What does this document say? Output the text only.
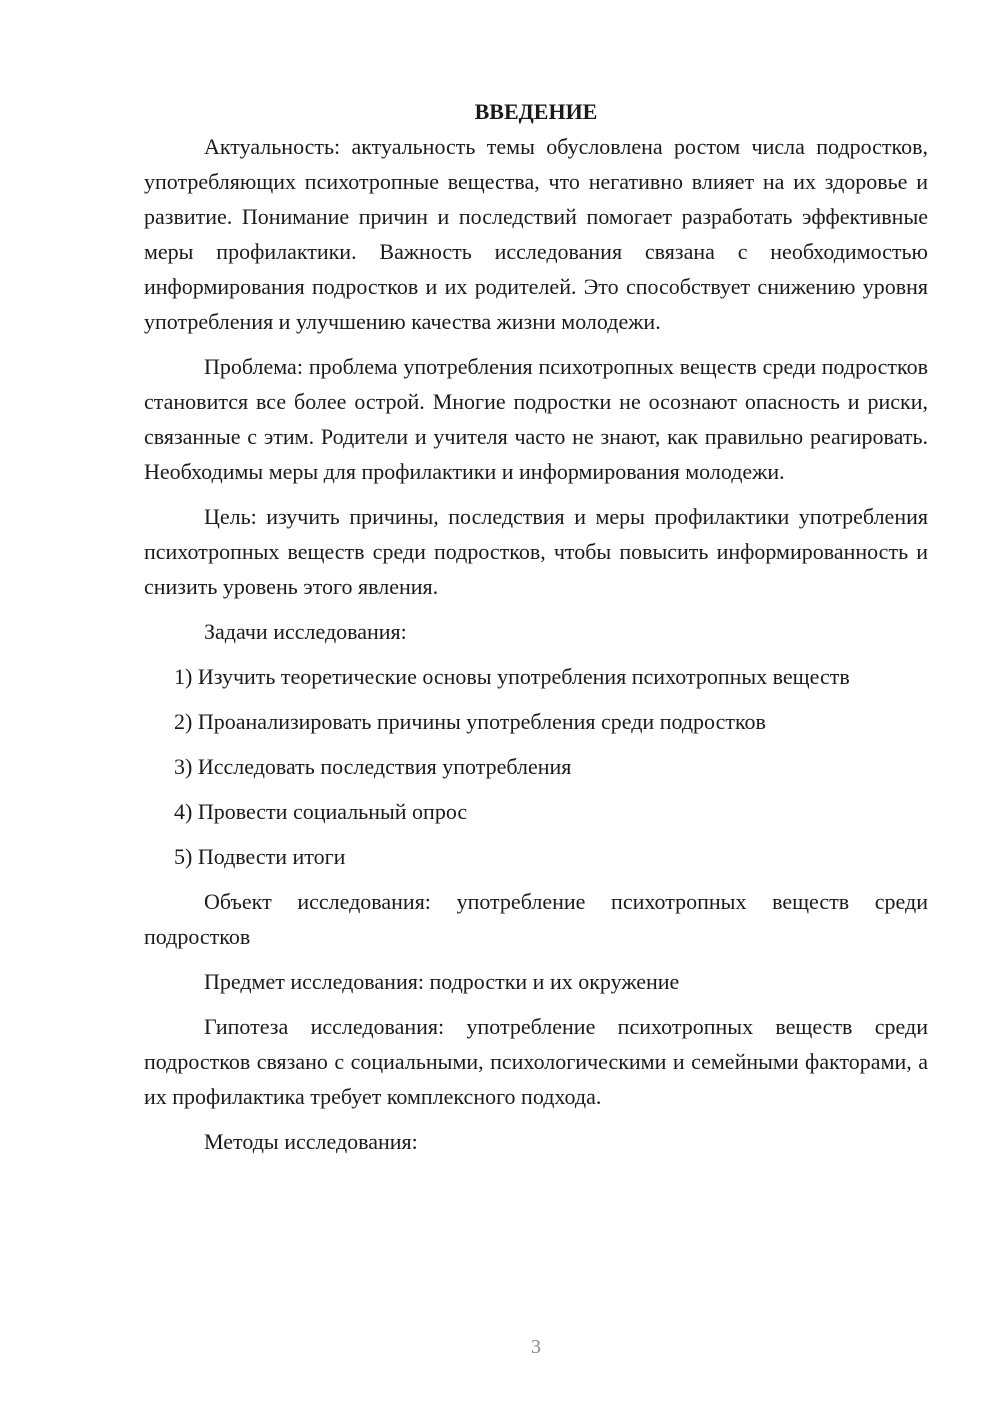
ВВЕДЕНИЕ

Актуальность: актуальность темы обусловлена ростом числа подростков, употребляющих психотропные вещества, что негативно влияет на их здоровье и развитие. Понимание причин и последствий помогает разработать эффективные меры профилактики. Важность исследования связана с необходимостью информирования подростков и их родителей. Это способствует снижению уровня употребления и улучшению качества жизни молодежи.

Проблема: проблема употребления психотропных веществ среди подростков становится все более острой. Многие подростки не осознают опасность и риски, связанные с этим. Родители и учителя часто не знают, как правильно реагировать. Необходимы меры для профилактики и информирования молодежи.

Цель: изучить причины, последствия и меры профилактики употребления психотропных веществ среди подростков, чтобы повысить информированность и снизить уровень этого явления.

Задачи исследования:

1) Изучить теоретические основы употребления психотропных веществ

2) Проанализировать причины употребления среди подростков

3) Исследовать последствия употребления

4) Провести социальный опрос

5) Подвести итоги

Объект исследования: употребление психотропных веществ среди подростков

Предмет исследования: подростки и их окружение

Гипотеза исследования: употребление психотропных веществ среди подростков связано с социальными, психологическими и семейными факторами, а их профилактика требует комплексного подхода.

Методы исследования:

3
